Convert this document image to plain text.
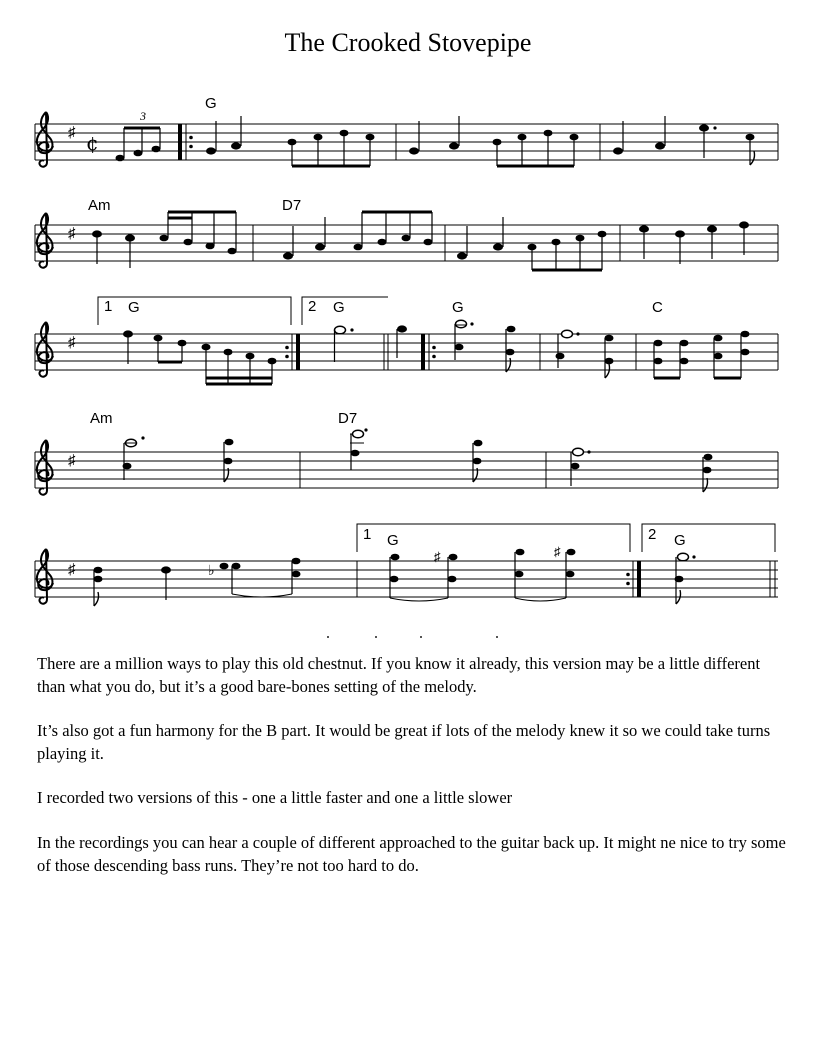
The Crooked Stovepipe
♯ ¢
3
G
♯
Am	D7
♯
1	2
G	G	G	C
♯
Am	D7
♯
1	2
G	G
♭
♯	♯

There are a million ways to play this old chestnut. If you know it already, this version may be a little different than what you do, but it’s a good bare-bones setting of the melody.

It’s also got a fun harmony for the B part. It would be great if lots of the melody knew it so we could take turns playing it.

I recorded two versions of this - one a little faster and one a little slower

In the recordings you can hear a couple of different approached to the guitar back up. It might ne nice to try some of those descending bass runs. They’re not too hard to do.
